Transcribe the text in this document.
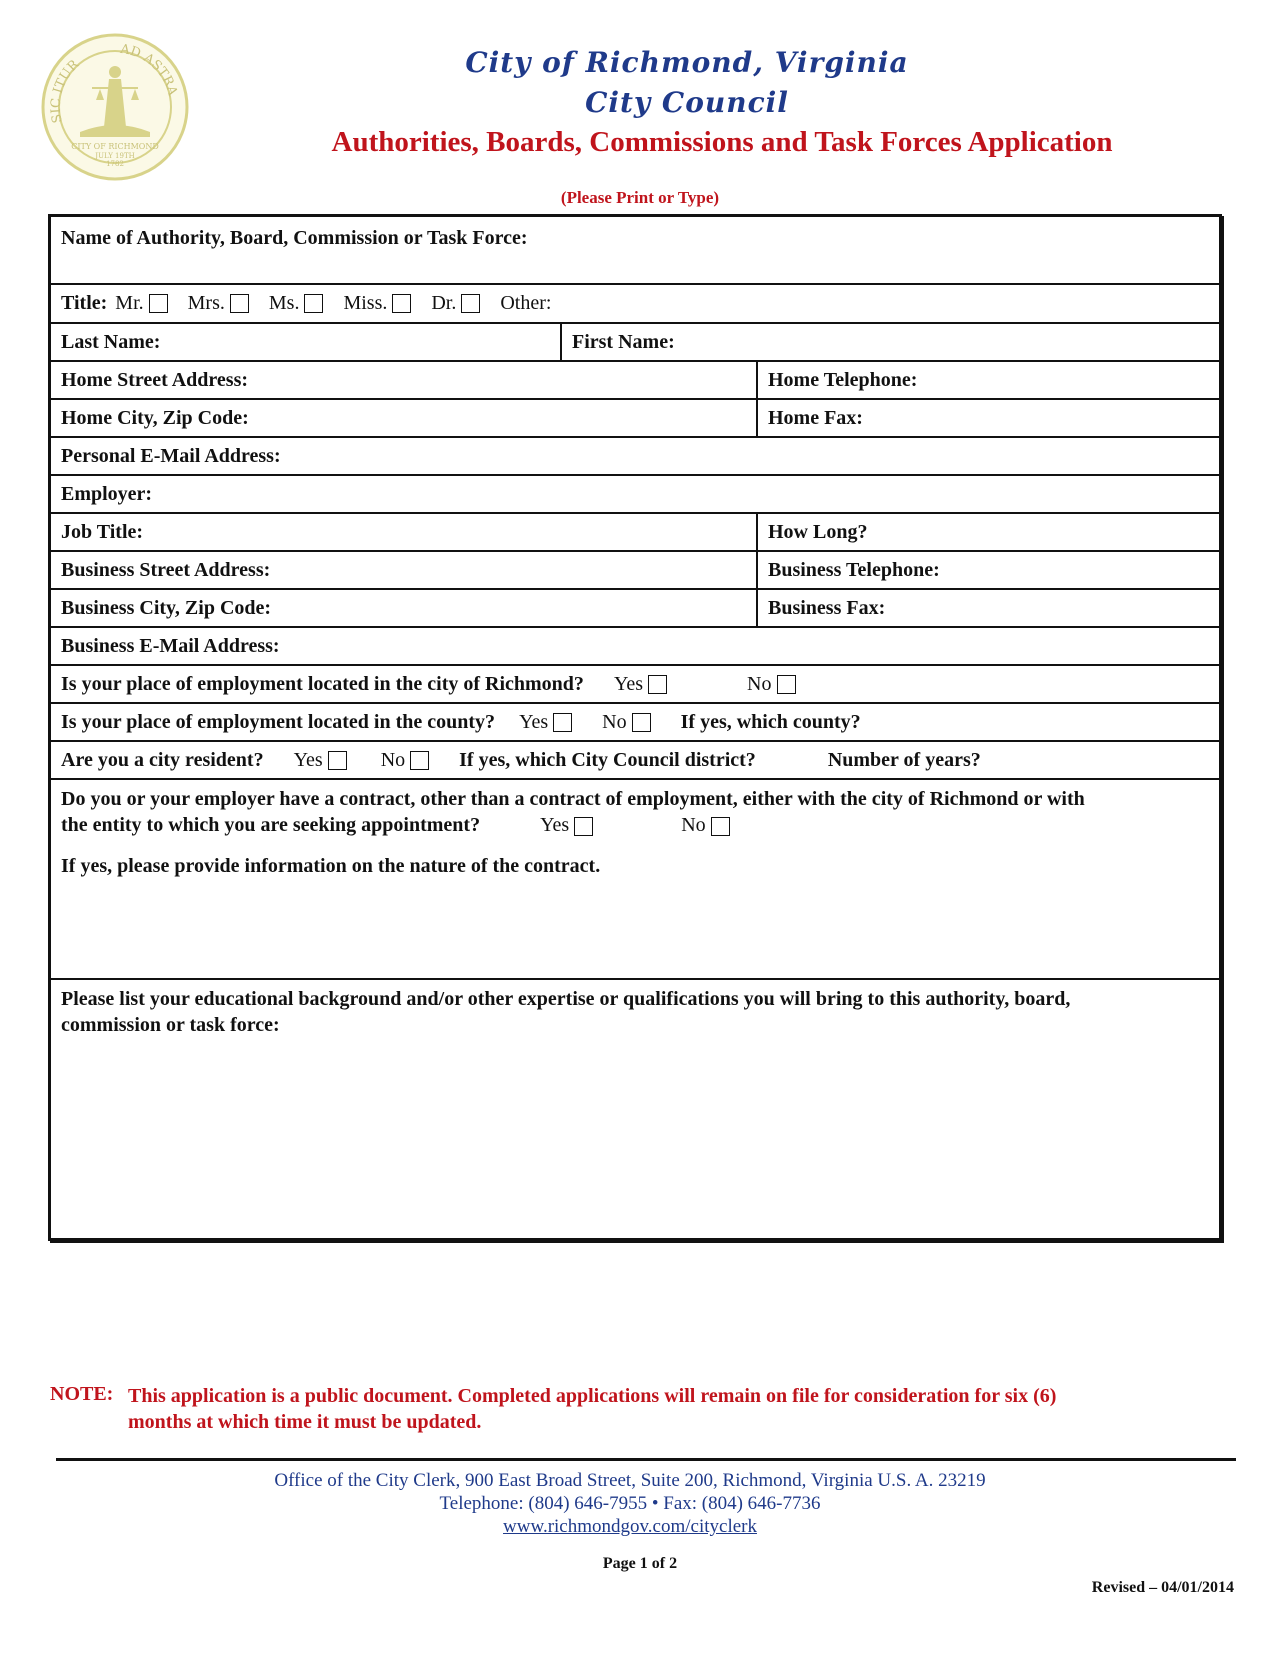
SIC ITUR
AD ASTRA
CITY OF RICHMOND
JULY 19TH
1782
City of Richmond, Virginia
City Council
Authorities, Boards, Commissions and Task Forces Application
(Please Print or Type)
Name of Authority, Board, Commission or Task Force:
Title: Mr. Mrs. Ms. Miss. Dr. Other:
Last Name:	First Name:
Home Street Address:	Home Telephone:
Home City, Zip Code:	Home Fax:
Personal E-Mail Address:
Employer:
Job Title:	How Long?
Business Street Address:	Business Telephone:
Business City, Zip Code:	Business Fax:
Business E-Mail Address:
Is your place of employment located in the city of Richmond? Yes	No
Is your place of employment located in the county? Yes	No	If yes, which county?
Are you a city resident? Yes	No	If yes, which City Council district?	Number of years?
Do you or your employer have a contract, other than a contract of employment, either with the city of Richmond or with
the entity to which you are seeking appointment?	Yes	No
If yes, please provide information on the nature of the contract.
Please list your educational background and/or other expertise or qualifications you will bring to this authority, board,
commission or task force:
NOTE: This application is a public document. Completed applications will remain on file for consideration for six (6)
months at which time it must be updated.
Office of the City Clerk, 900 East Broad Street, Suite 200, Richmond, Virginia U.S. A. 23219
Telephone: (804) 646-7955 • Fax: (804) 646-7736
www.richmondgov.com/cityclerk
Page 1 of 2
Revised – 04/01/2014
